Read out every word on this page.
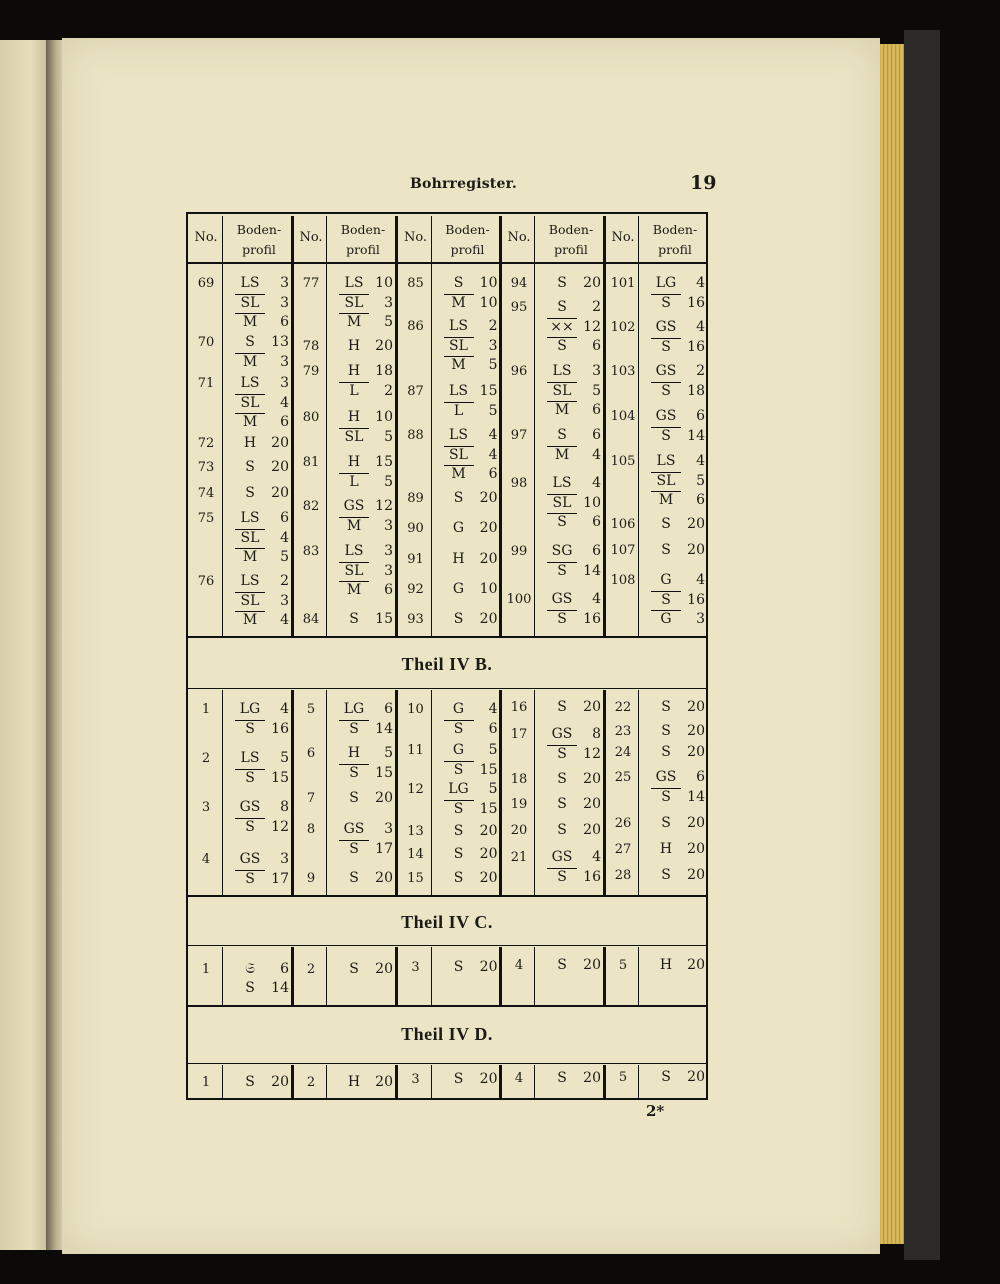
Bohrregister.	19
2*
Theil IV B.
Theil IV C.
Theil IV D.
No.
Boden-
profil
No.
Boden-
profil
No.
Boden-
profil
No.
Boden-
profil
No.
Boden-
profil
69	LS 3
SL 3
M 6
70	S 13
M 3
71	LS 3
SL 4
M 6
72	H 20
73	S 20
74	S 20
75	LS 6
SL 4
M 5
76	LS 2
SL 3
M 4
77	LS 10
SL 3
M 5
78	H 20
79	H 18
L 2
80	H 10
SL 5
81	H 15
L 5
82	GS 12
M 3
83	LS 3
SL 3
M 6
84	S 15
85	S 10
M 10
86	LS 2
SL 3
M 5
87	LS 15
L 5
88	LS 4
SL 4
M 6
89	S 20
90	G 20
91	H 20
92	G 10
93	S 20
94	S 20
95	S 2
×× 12
S 6
96	LS 3
SL 5
M 6
97	S 6
M 4
98	LS 4
SL 10
S 6
99	SG 6
S 14
100	GS 4
S 16
101	LG 4
S 16
102	GS 4
S 16
103	GS 2
S 18
104	GS 6
S 14
105	LS 4
SL 5
M 6
106	S 20
107	S 20
108	G 4
S 16
G 3
1	LG 4
S 16
2	LS 5
S 15
3	GS 8
S 12
4	GS 3
S 17
5	LG 6
S 14
6	H 5
S 15
7	S 20
8	GS 3
S 17
9	S 20
10	G 4
S 6
11	G 5
S 15
12	LG 5
S 15
13	S 20
14	S 20
15	S 20
16	S 20
17	GS 8
S 12
18	S 20
19	S 20
20	S 20
21	GS 4
S 16
22	S 20
23	S 20
24	S 20
25	GS 6
S 14
26	S 20
27	H 20
28	S 20
1	𝔖 6
S 14
2	S 20	3	S 20	4	S 20	5	H 20
1	S 20	2	H 20	3	S 20	4	S 20	5	S 20
